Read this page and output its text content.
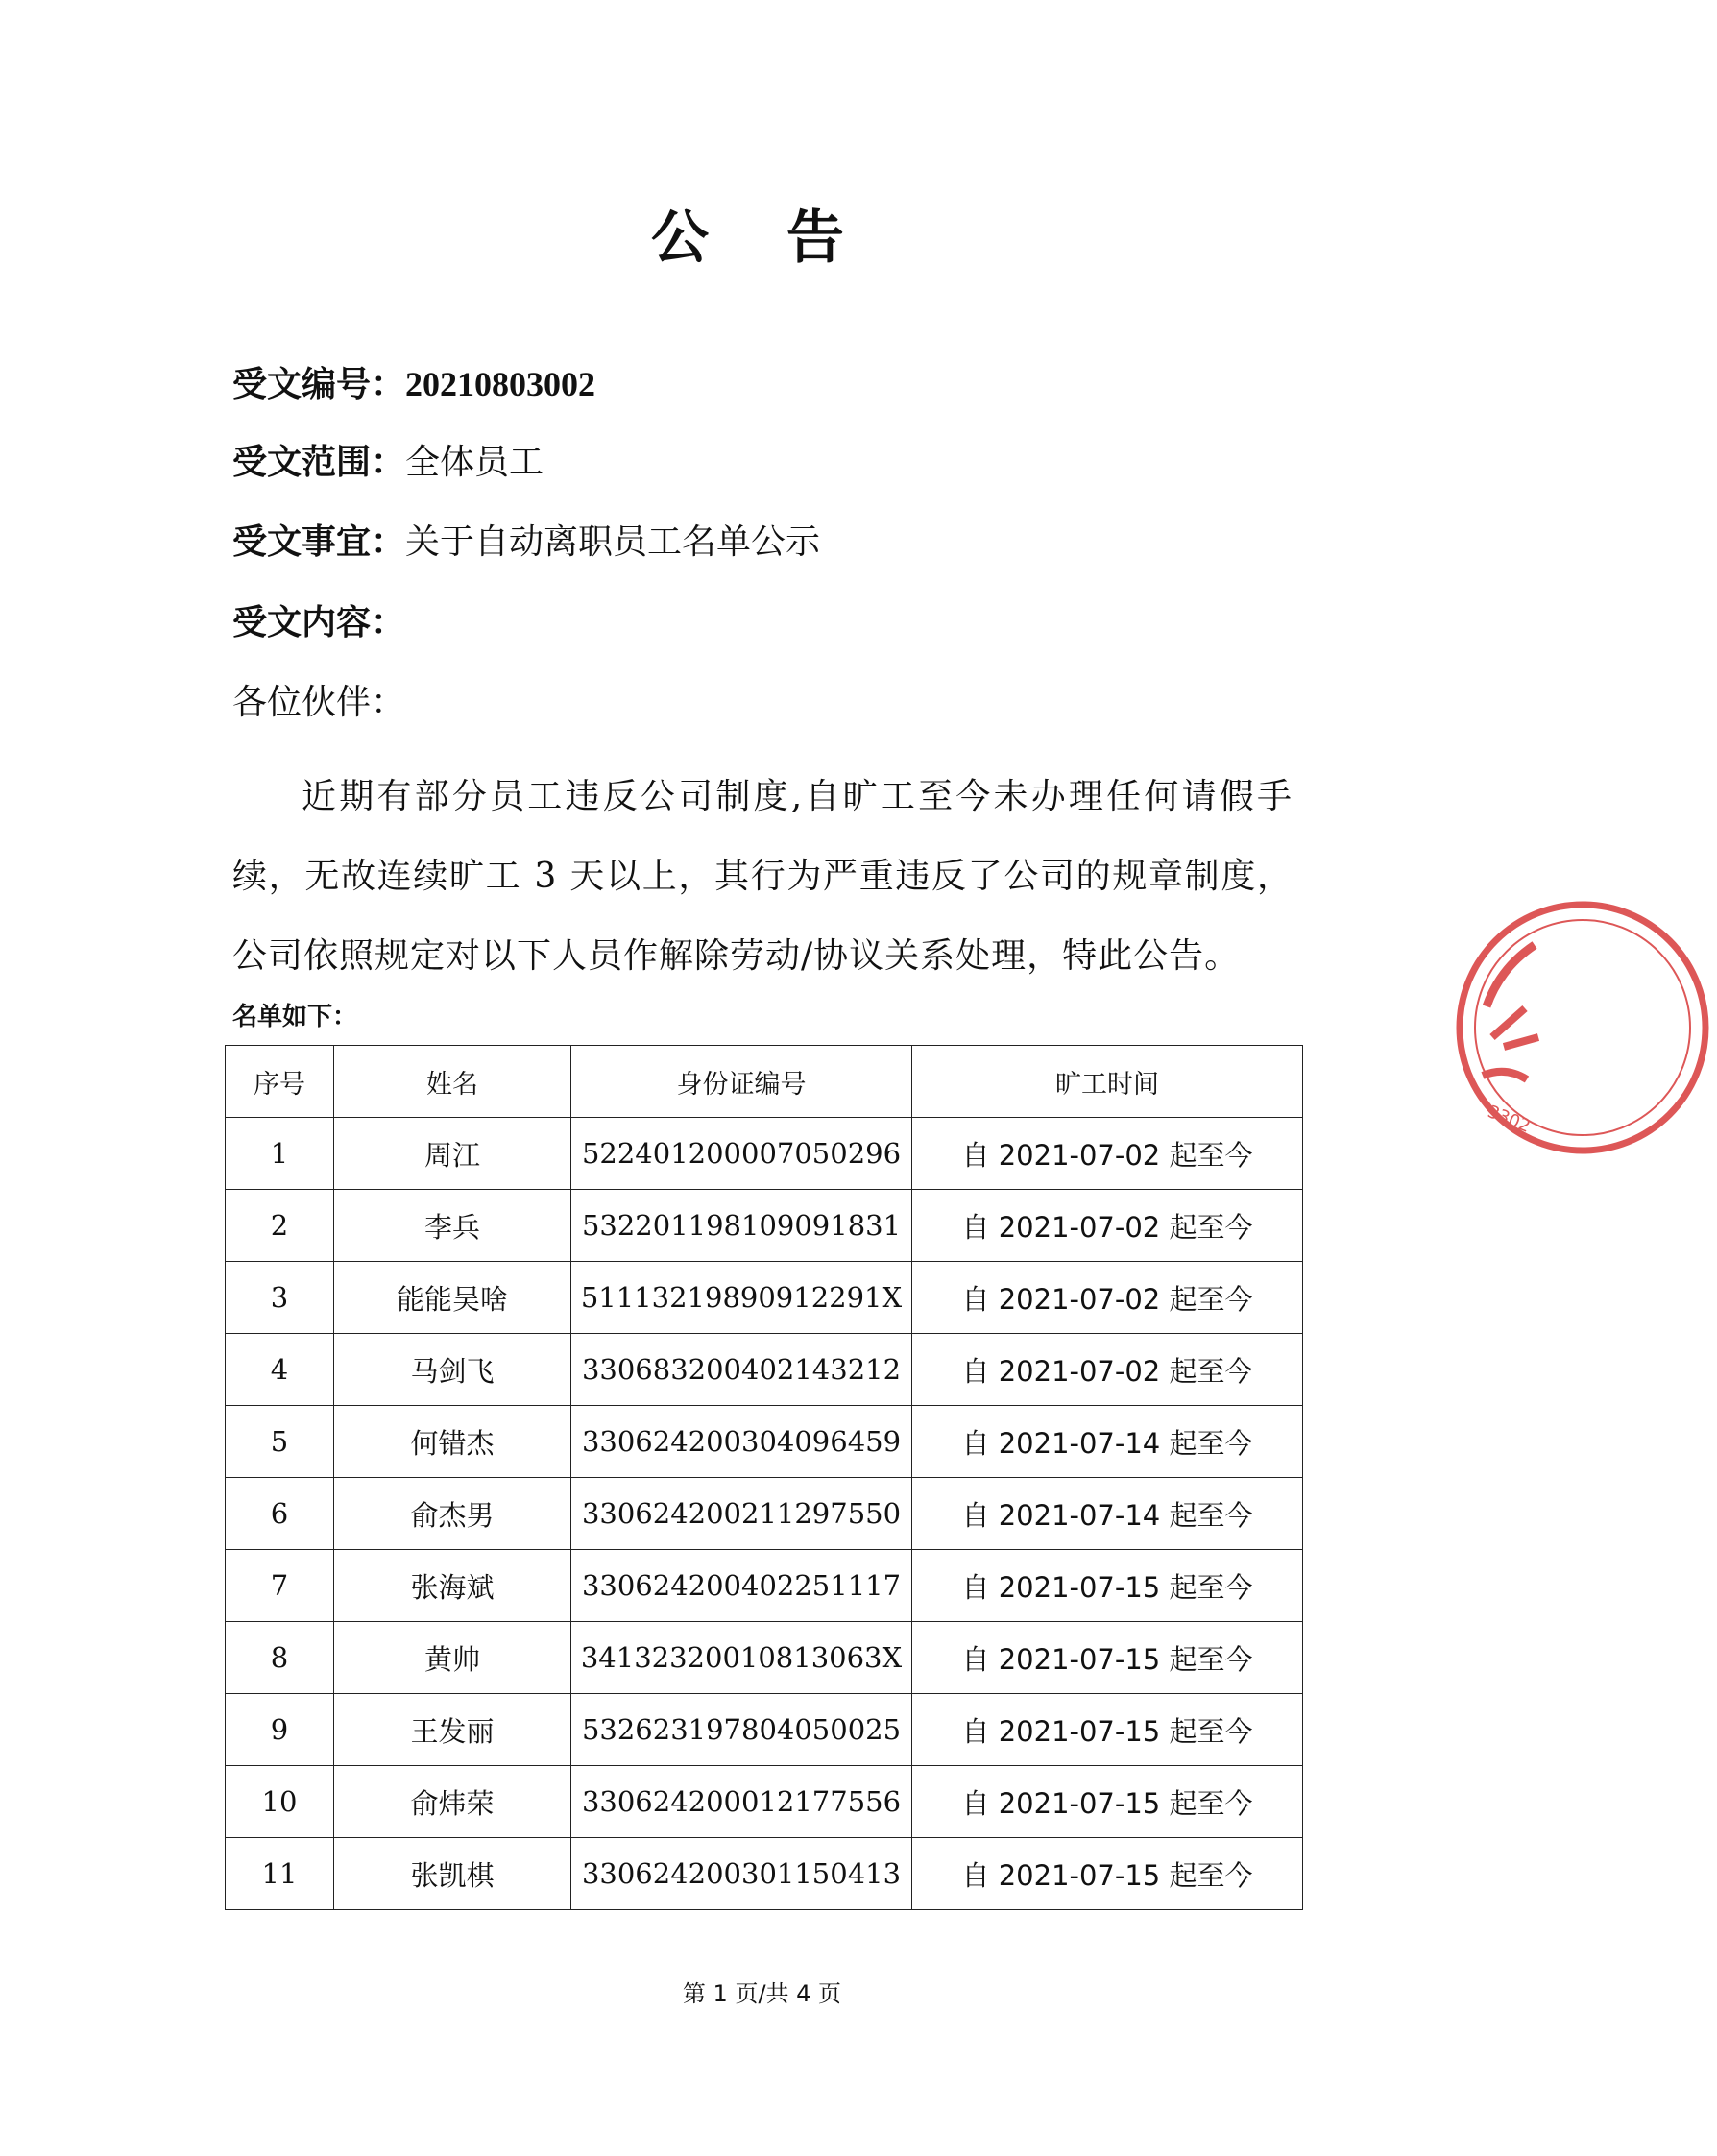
公 告
受文编号：20210803002
受文范围：全体员工
受文事宜：关于自动离职员工名单公示
受文内容：
各位伙伴：
近期有部分员工违反公司制度,自旷工至今未办理任何请假手续，无故连续旷工 3 天以上，其行为严重违反了公司的规章制度，公司依照规定对以下人员作解除劳动/协议关系处理，特此公告。
名单如下：
序号	姓名	身份证编号	旷工时间
1	周江	522401200007050296	自 2021-07-02 起至今
2	李兵	532201198109091831	自 2021-07-02 起至今
3	能能吴啥	51113219890912291X	自 2021-07-02 起至今
4	马剑飞	330683200402143212	自 2021-07-02 起至今
5	何错杰	330624200304096459	自 2021-07-14 起至今
6	俞杰男	330624200211297550	自 2021-07-14 起至今
7	张海斌	330624200402251117	自 2021-07-15 起至今
8	黄帅	34132320010813063X	自 2021-07-15 起至今
9	王发丽	532623197804050025	自 2021-07-15 起至今
10	俞炜荣	330624200012177556	自 2021-07-15 起至今
11	张凯棋	330624200301150413	自 2021-07-15 起至今
第 1 页/共 4 页
3302
